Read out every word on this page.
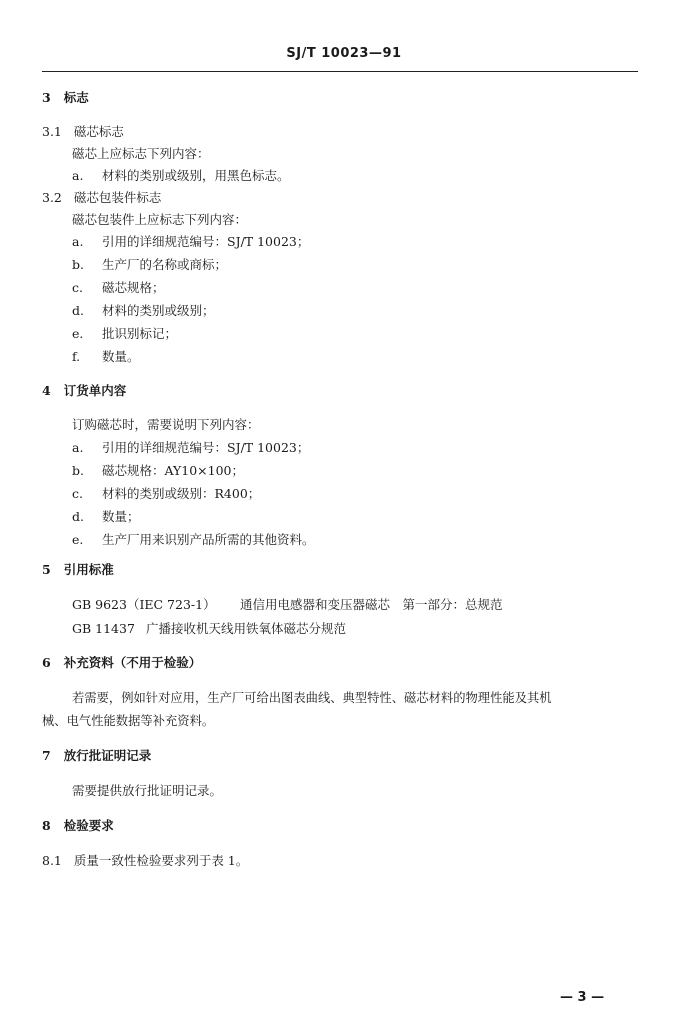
SJ/T 10023—91
3 标志
3.1 磁芯标志
磁芯上应标志下列内容：
a. 材料的类别或级别，用黑色标志。
3.2 磁芯包装件标志
磁芯包装件上应标志下列内容：
a. 引用的详细规范编号：SJ/T 10023；
b. 生产厂的名称或商标；
c. 磁芯规格；
d. 材料的类别或级别；
e. 批识别标记；
f. 数量。
4 订货单内容
订购磁芯时，需要说明下列内容：
a. 引用的详细规范编号：SJ/T 10023；
b. 磁芯规格：AY10×100；
c. 材料的类别或级别：R400；
d. 数量；
e. 生产厂用来识别产品所需的其他资料。
5 引用标准
GB 9623（IEC 723-1） 通信用电感器和变压器磁芯　第一部分：总规范
GB 11437 广播接收机天线用铁氧体磁芯分规范
6 补充资料（不用于检验）
若需要，例如针对应用，生产厂可给出图表曲线、典型特性、磁芯材料的物理性能及其机
械、电气性能数据等补充资料。
7 放行批证明记录
需要提供放行批证明记录。
8 检验要求
8.1 质量一致性检验要求列于表 1。
— 3 —
